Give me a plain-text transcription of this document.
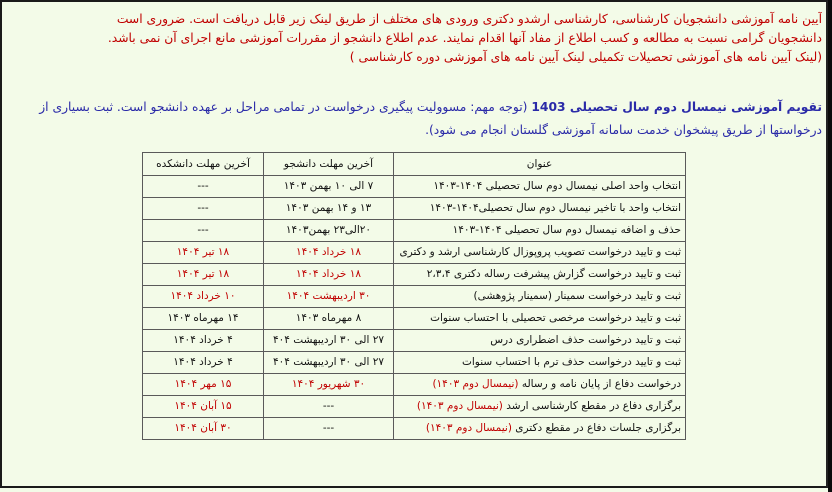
آیین نامه آموزشی دانشجویان کارشناسی، کارشناسی ارشدو دکتری ورودی های مختلف از طریق لینک زیر قابل دریافت است. ضروری است
دانشجویان گرامی نسبت به مطالعه و کسب اطلاع از مفاد آنها اقدام نمایند. عدم اطلاع دانشجو از مقررات آموزشی مانع اجرای آن نمی باشد.
(لینک آیین نامه های آموزشی تحصیلات تکمیلی لینک آیین نامه های آموزشی دوره کارشناسی )
تقویم آموزشی نیمسال دوم سال تحصیلی 1403 (توجه مهم: مسوولیت پیگیری درخواست در تمامی مراحل بر عهده دانشجو است. ثبت بسیاری از
درخواستها از طریق پیشخوان خدمت سامانه آموزشی گلستان انجام می شود).
عنوان	آخرین مهلت دانشجو	آخرین مهلت دانشکده
انتخاب واحد اصلی نیمسال دوم سال تحصیلی ۱۴۰۴-۱۴۰۳	۷ الی ۱۰ بهمن ۱۴۰۳	---
انتخاب واحد با تاخیر نیمسال دوم سال تحصیلی۱۴۰۴-۱۴۰۳	۱۳ و ۱۴ بهمن ۱۴۰۳	---
حذف و اضافه نیمسال دوم سال تحصیلی ۱۴۰۴-۱۴۰۳	۲۰الی۲۳ بهمن۱۴۰۳	---
ثبت و تایید درخواست تصویب پروپوزال کارشناسی ارشد و دکتری	۱۸ خرداد ۱۴۰۴	۱۸ تیر ۱۴۰۴
ثبت و تایید درخواست گزارش پیشرفت رساله دکتری ۲،۳،۴	۱۸ خرداد ۱۴۰۴	۱۸ تیر ۱۴۰۴
ثبت و تایید درخواست سمینار (سمینار پژوهشی)	۳۰ اردیبهشت ۱۴۰۴	۱۰ خرداد ۱۴۰۴
ثبت و تایید درخواست مرخصی تحصیلی با احتساب سنوات	۸ مهرماه ۱۴۰۳	۱۴ مهرماه ۱۴۰۳
ثبت و تایید درخواست حذف اضطراری درس	۲۷ الی ۳۰ اردیبهشت ۴۰۴	۴ خرداد ۱۴۰۴
ثبت و تایید درخواست حذف ترم با احتساب سنوات	۲۷ الی ۳۰ اردیبهشت ۴۰۴	۴ خرداد ۱۴۰۴
درخواست دفاع از پایان نامه و رساله (نیمسال دوم ۱۴۰۳)	۳۰ شهریور ۱۴۰۴	۱۵ مهر ۱۴۰۴
برگزاری دفاع در مقطع کارشناسی ارشد (نیمسال دوم ۱۴۰۳)	---	۱۵ آبان ۱۴۰۴
برگزاری جلسات دفاع در مقطع دکتری (نیمسال دوم ۱۴۰۳)	---	۳۰ آبان ۱۴۰۴
